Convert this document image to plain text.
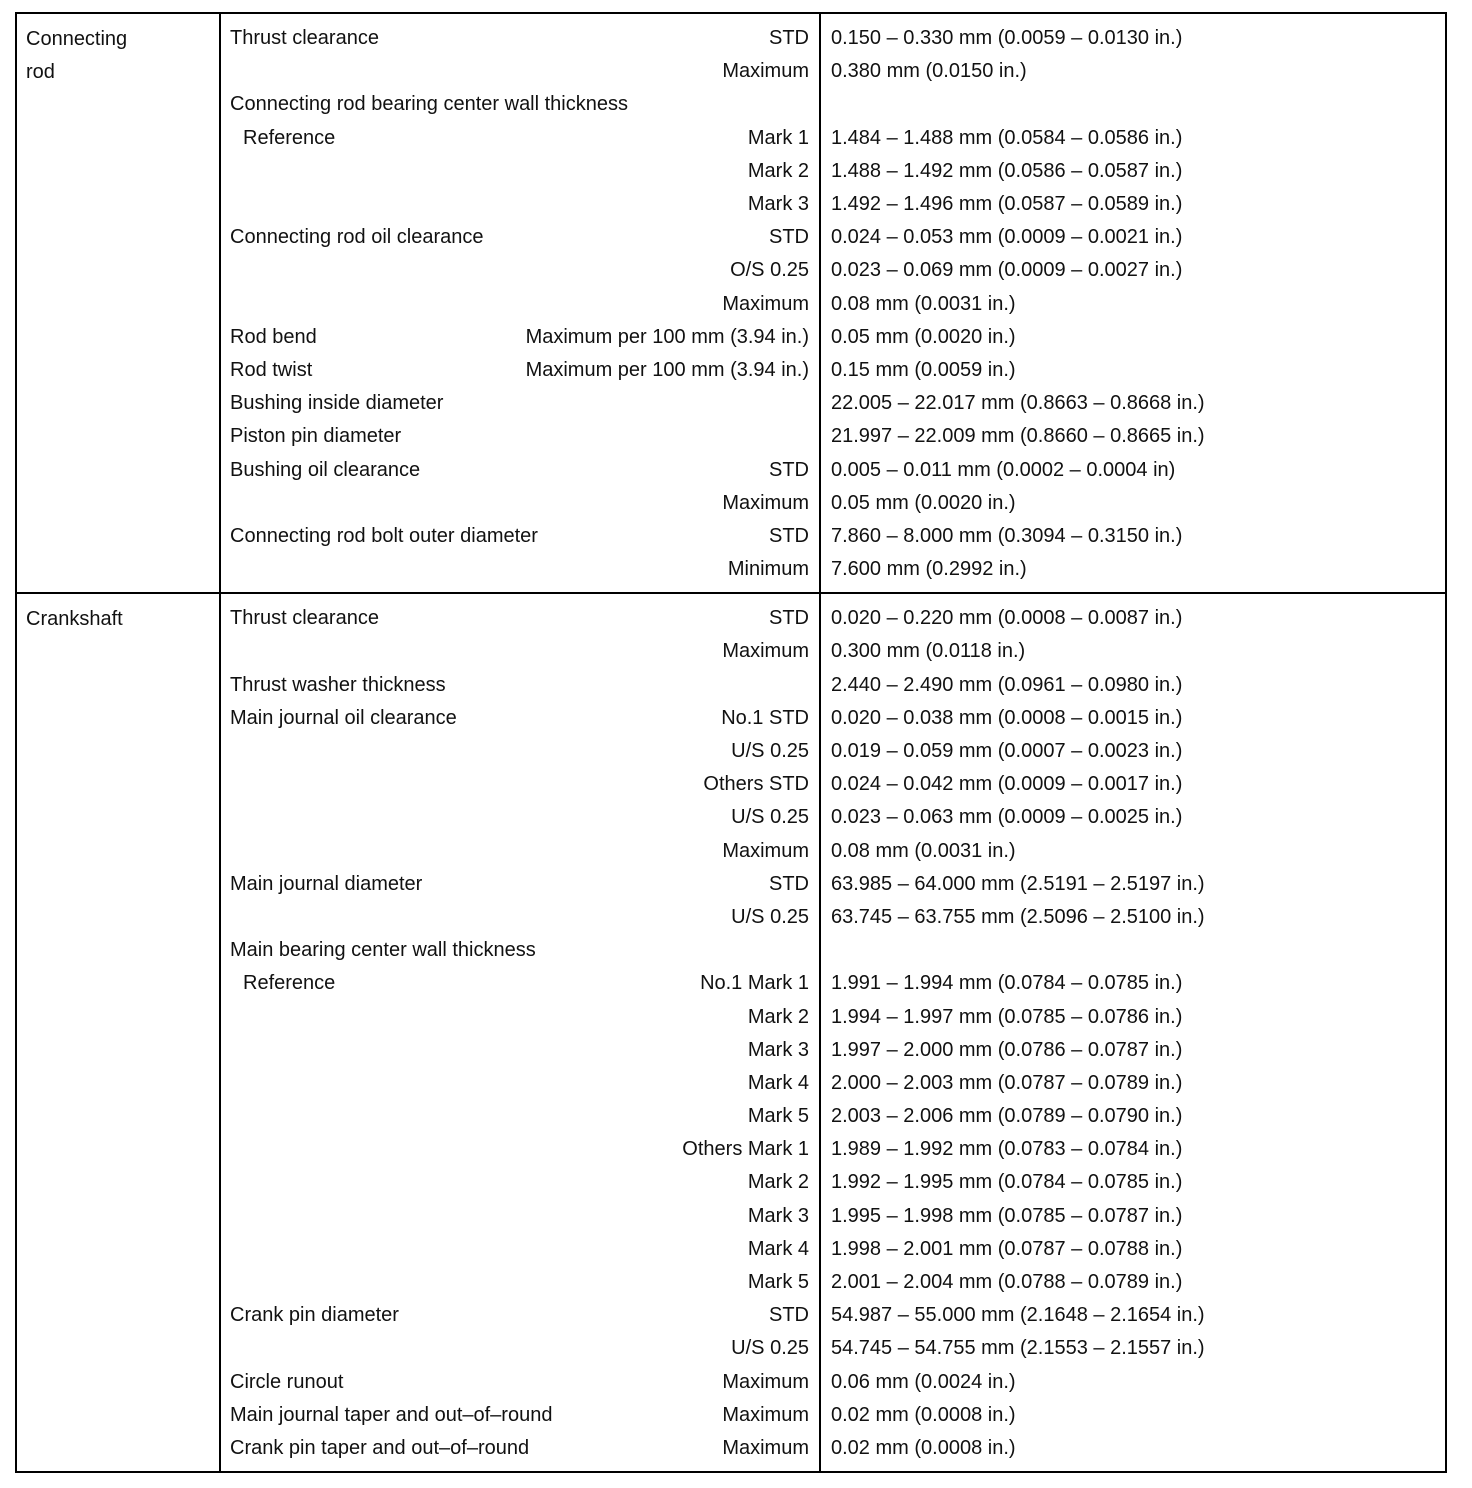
Connecting
rod
Thrust clearance	STD	0.150 – 0.330 mm (0.0059 – 0.0130 in.)
Maximum	0.380 mm (0.0150 in.)
Connecting rod bearing center wall thickness
Reference	Mark 1	1.484 – 1.488 mm (0.0584 – 0.0586 in.)
Mark 2	1.488 – 1.492 mm (0.0586 – 0.0587 in.)
Mark 3	1.492 – 1.496 mm (0.0587 – 0.0589 in.)
Connecting rod oil clearance	STD	0.024 – 0.053 mm (0.0009 – 0.0021 in.)
O/S 0.25	0.023 – 0.069 mm (0.0009 – 0.0027 in.)
Maximum	0.08 mm (0.0031 in.)
Rod bend	Maximum per 100 mm (3.94 in.)	0.05 mm (0.0020 in.)
Rod twist	Maximum per 100 mm (3.94 in.)	0.15 mm (0.0059 in.)
Bushing inside diameter	22.005 – 22.017 mm (0.8663 – 0.8668 in.)
Piston pin diameter	21.997 – 22.009 mm (0.8660 – 0.8665 in.)
Bushing oil clearance	STD	0.005 – 0.011 mm (0.0002 – 0.0004 in)
Maximum	0.05 mm (0.0020 in.)
Connecting rod bolt outer diameter	STD	7.860 – 8.000 mm (0.3094 – 0.3150 in.)
Minimum	7.600 mm (0.2992 in.)
Crankshaft	Thrust clearance	STD	0.020 – 0.220 mm (0.0008 – 0.0087 in.)
Maximum	0.300 mm (0.0118 in.)
Thrust washer thickness	2.440 – 2.490 mm (0.0961 – 0.0980 in.)
Main journal oil clearance	No.1 STD	0.020 – 0.038 mm (0.0008 – 0.0015 in.)
U/S 0.25	0.019 – 0.059 mm (0.0007 – 0.0023 in.)
Others STD	0.024 – 0.042 mm (0.0009 – 0.0017 in.)
U/S 0.25	0.023 – 0.063 mm (0.0009 – 0.0025 in.)
Maximum	0.08 mm (0.0031 in.)
Main journal diameter	STD	63.985 – 64.000 mm (2.5191 – 2.5197 in.)
U/S 0.25	63.745 – 63.755 mm (2.5096 – 2.5100 in.)
Main bearing center wall thickness
Reference	No.1 Mark 1	1.991 – 1.994 mm (0.0784 – 0.0785 in.)
Mark 2	1.994 – 1.997 mm (0.0785 – 0.0786 in.)
Mark 3	1.997 – 2.000 mm (0.0786 – 0.0787 in.)
Mark 4	2.000 – 2.003 mm (0.0787 – 0.0789 in.)
Mark 5	2.003 – 2.006 mm (0.0789 – 0.0790 in.)
Others Mark 1	1.989 – 1.992 mm (0.0783 – 0.0784 in.)
Mark 2	1.992 – 1.995 mm (0.0784 – 0.0785 in.)
Mark 3	1.995 – 1.998 mm (0.0785 – 0.0787 in.)
Mark 4	1.998 – 2.001 mm (0.0787 – 0.0788 in.)
Mark 5	2.001 – 2.004 mm (0.0788 – 0.0789 in.)
Crank pin diameter	STD	54.987 – 55.000 mm (2.1648 – 2.1654 in.)
U/S 0.25	54.745 – 54.755 mm (2.1553 – 2.1557 in.)
Circle runout	Maximum	0.06 mm (0.0024 in.)
Main journal taper and out–of–round	Maximum	0.02 mm (0.0008 in.)
Crank pin taper and out–of–round	Maximum	0.02 mm (0.0008 in.)
